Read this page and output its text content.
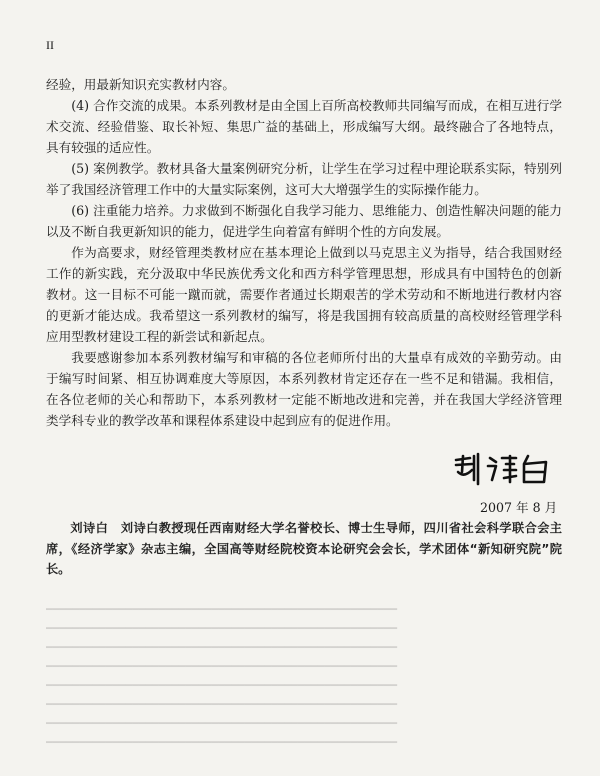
II

经验，用最新知识充实教材内容。

(4) 合作交流的成果。本系列教材是由全国上百所高校教师共同编写而成，在相互进行学术交流、经验借鉴、取长补短、集思广益的基础上，形成编写大纲。最终融合了各地特点，具有较强的适应性。

(5) 案例教学。教材具备大量案例研究分析，让学生在学习过程中理论联系实际，特别列举了我国经济管理工作中的大量实际案例，这可大大增强学生的实际操作能力。

(6) 注重能力培养。力求做到不断强化自我学习能力、思维能力、创造性解决问题的能力以及不断自我更新知识的能力，促进学生向着富有鲜明个性的方向发展。

作为高要求，财经管理类教材应在基本理论上做到以马克思主义为指导，结合我国财经工作的新实践，充分汲取中华民族优秀文化和西方科学管理思想，形成具有中国特色的创新教材。这一目标不可能一蹴而就，需要作者通过长期艰苦的学术劳动和不断地进行教材内容的更新才能达成。我希望这一系列教材的编写，将是我国拥有较高质量的高校财经管理学科应用型教材建设工程的新尝试和新起点。

我要感谢参加本系列教材编写和审稿的各位老师所付出的大量卓有成效的辛勤劳动。由于编写时间紧、相互协调难度大等原因，本系列教材肯定还存在一些不足和错漏。我相信，在各位老师的关心和帮助下，本系列教材一定能不断地改进和完善，并在我国大学经济管理类学科专业的教学改革和课程体系建设中起到应有的促进作用。

2007 年 8 月
刘诗白　刘诗白教授现任西南财经大学名誉校长、博士生导师，四川省社会科学联合会主席，《经济学家》杂志主编，全国高等财经院校资本论研究会会长，学术团体“新知研究院”院长。
━━━━━━━━━━━━━━━━━━━━━━━━━━━━━━━━━━━━━━━━━━━━━━━━━━━━━
━━━━━━━━━━━━━━━━━━━━━━━━━━━━━━━━━━━━━━━━━━━━━━━━━━━━━
━━━━━━━━━━━━━━━━━━━━━━━━━━━━━━━━━━━━━━━━━━━━━━━━━━━━━
━━━━━━━━━━━━━━━━━━━━━━━━━━━━━━━━━━━━━━━━━━━━━━━━━━━━━
━━━━━━━━━━━━━━━━━━━━━━━━━━━━━━━━━━━━━━━━━━━━━━━━━━━━━
━━━━━━━━━━━━━━━━━━━━━━━━━━━━━━━━━━━━━━━━━━━━━━━━━━━━━
━━━━━━━━━━━━━━━━━━━━━━━━━━━━━━━━━━━━━━━━━━━━━━━━━━━━━
━━━━━━━━━━━━━━━━━━━━━━━━━━━━━━━━━━━━━━━━━━━━━━━━━━━━━
